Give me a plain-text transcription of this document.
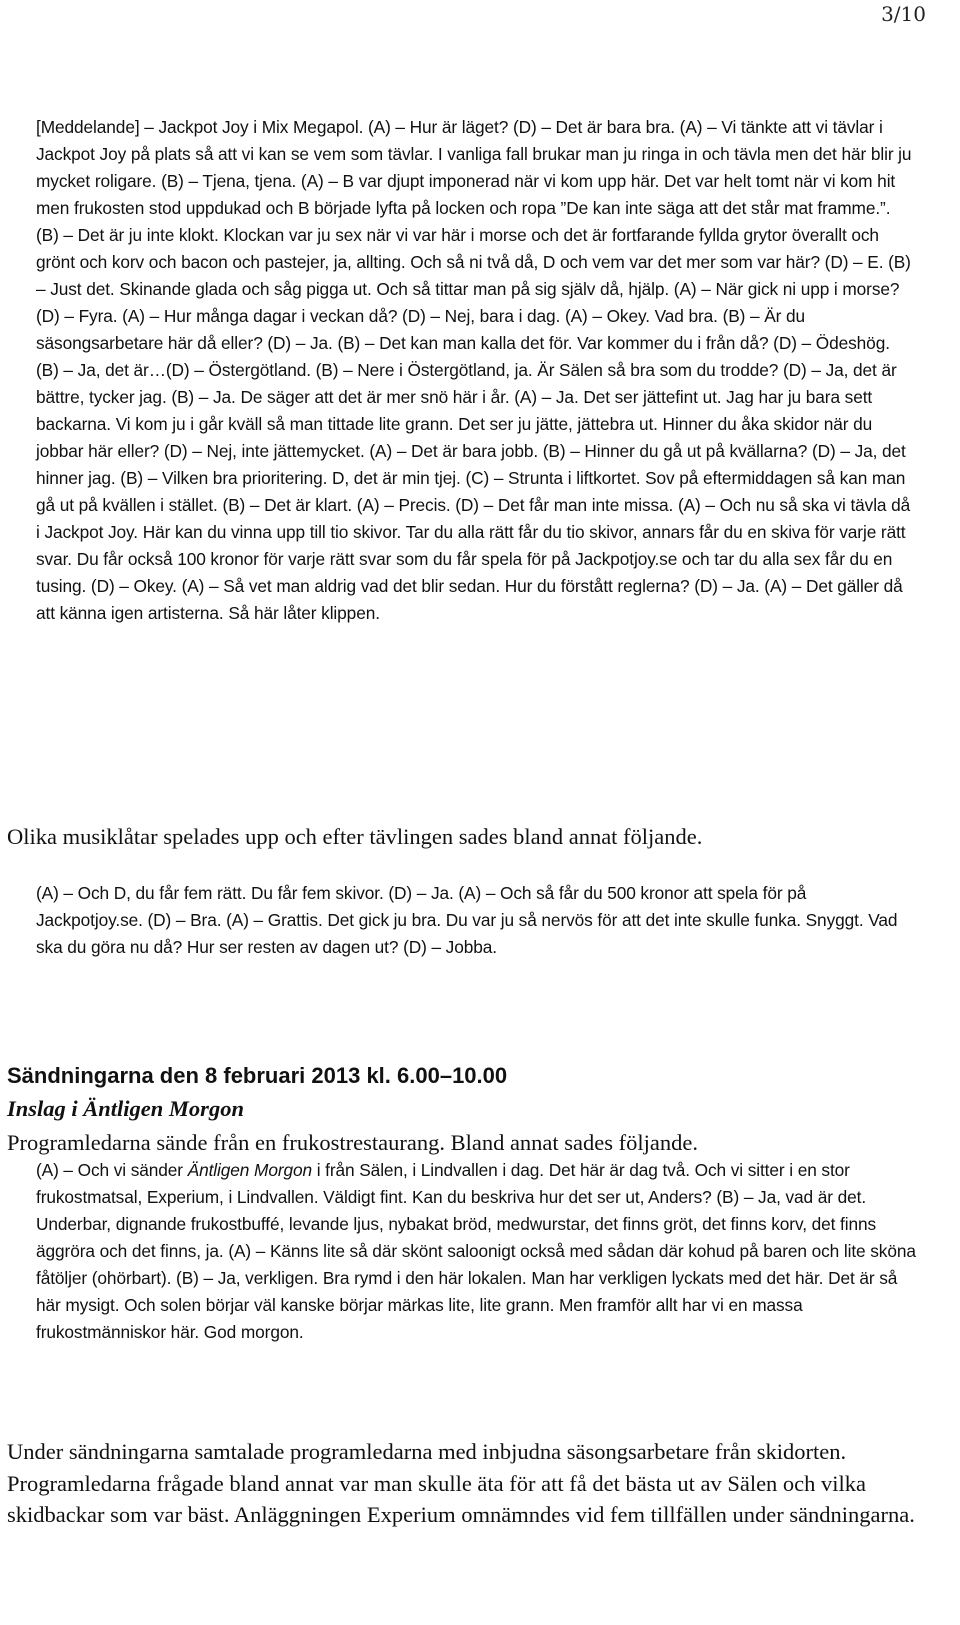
3/10

[Meddelande] – Jackpot Joy i Mix Megapol. (A) – Hur är läget? (D) – Det är bara bra. (A) – Vi tänkte att vi tävlar i Jackpot Joy på plats så att vi kan se vem som tävlar. I vanliga fall brukar man ju ringa in och tävla men det här blir ju mycket roligare. (B) – Tjena, tjena. (A) – B var djupt imponerad när vi kom upp här. Det var helt tomt när vi kom hit men frukosten stod uppdukad och B började lyfta på locken och ropa ”De kan inte säga att det står mat framme.”. (B) – Det är ju inte klokt. Klockan var ju sex när vi var här i morse och det är fortfarande fyllda grytor överallt och grönt och korv och bacon och pastejer, ja, allting. Och så ni två då, D och vem var det mer som var här? (D) – E. (B) – Just det. Skinande glada och såg pigga ut. Och så tittar man på sig själv då, hjälp. (A) – När gick ni upp i morse? (D) – Fyra. (A) – Hur många dagar i veckan då? (D) – Nej, bara i dag. (A) – Okey. Vad bra. (B) – Är du säsongsarbetare här då eller? (D) – Ja. (B) – Det kan man kalla det för. Var kommer du i från då? (D) – Ödeshög. (B) – Ja, det är…(D) – Östergötland. (B) – Nere i Östergötland, ja. Är Sälen så bra som du trodde? (D) – Ja, det är bättre, tycker jag. (B) – Ja. De säger att det är mer snö här i år. (A) – Ja. Det ser jättefint ut. Jag har ju bara sett backarna. Vi kom ju i går kväll så man tittade lite grann. Det ser ju jätte, jättebra ut. Hinner du åka skidor när du jobbar här eller? (D) – Nej, inte jättemycket. (A) – Det är bara jobb. (B) – Hinner du gå ut på kvällarna? (D) – Ja, det hinner jag. (B) – Vilken bra prioritering. D, det är min tjej. (C) – Strunta i liftkortet. Sov på eftermiddagen så kan man gå ut på kvällen i stället. (B) – Det är klart. (A) – Precis. (D) – Det får man inte missa. (A) – Och nu så ska vi tävla då i Jackpot Joy. Här kan du vinna upp till tio skivor. Tar du alla rätt får du tio skivor, annars får du en skiva för varje rätt svar. Du får också 100 kronor för varje rätt svar som du får spela för på Jackpotjoy.se och tar du alla sex får du en tusing. (D) – Okey. (A) – Så vet man aldrig vad det blir sedan. Hur du förstått reglerna? (D) – Ja. (A) – Det gäller då att känna igen artisterna. Så här låter klippen.

Olika musiklåtar spelades upp och efter tävlingen sades bland annat följande.

(A) – Och D, du får fem rätt. Du får fem skivor. (D) – Ja. (A) – Och så får du 500 kronor att spela för på Jackpotjoy.se. (D) – Bra. (A) – Grattis. Det gick ju bra. Du var ju så nervös för att det inte skulle funka. Snyggt. Vad ska du göra nu då? Hur ser resten av dagen ut? (D) – Jobba.

Sändningarna den 8 februari 2013 kl. 6.00–10.00
Inslag i Äntligen Morgon

Programledarna sände från en frukostrestaurang. Bland annat sades följande.

(A) – Och vi sänder Äntligen Morgon i från Sälen, i Lindvallen i dag. Det här är dag två. Och vi sitter i en stor frukostmatsal, Experium, i Lindvallen. Väldigt fint. Kan du beskriva hur det ser ut, Anders? (B) – Ja, vad är det. Underbar, dignande frukostbuffé, levande ljus, nybakat bröd, medwurstar, det finns gröt, det finns korv, det finns äggröra och det finns, ja. (A) – Känns lite så där skönt saloonigt också med sådan där kohud på baren och lite sköna fåtöljer (ohörbart). (B) – Ja, verkligen. Bra rymd i den här lokalen. Man har verkligen lyckats med det här. Det är så här mysigt. Och solen börjar väl kanske börjar märkas lite, lite grann. Men framför allt har vi en massa frukostmänniskor här. God morgon.

Under sändningarna samtalade programledarna med inbjudna säsongsarbetare från skidorten. Programledarna frågade bland annat var man skulle äta för att få det bästa ut av Sälen och vilka skidbackar som var bäst. Anläggningen Experium omnämndes vid fem tillfällen under sändningarna.
